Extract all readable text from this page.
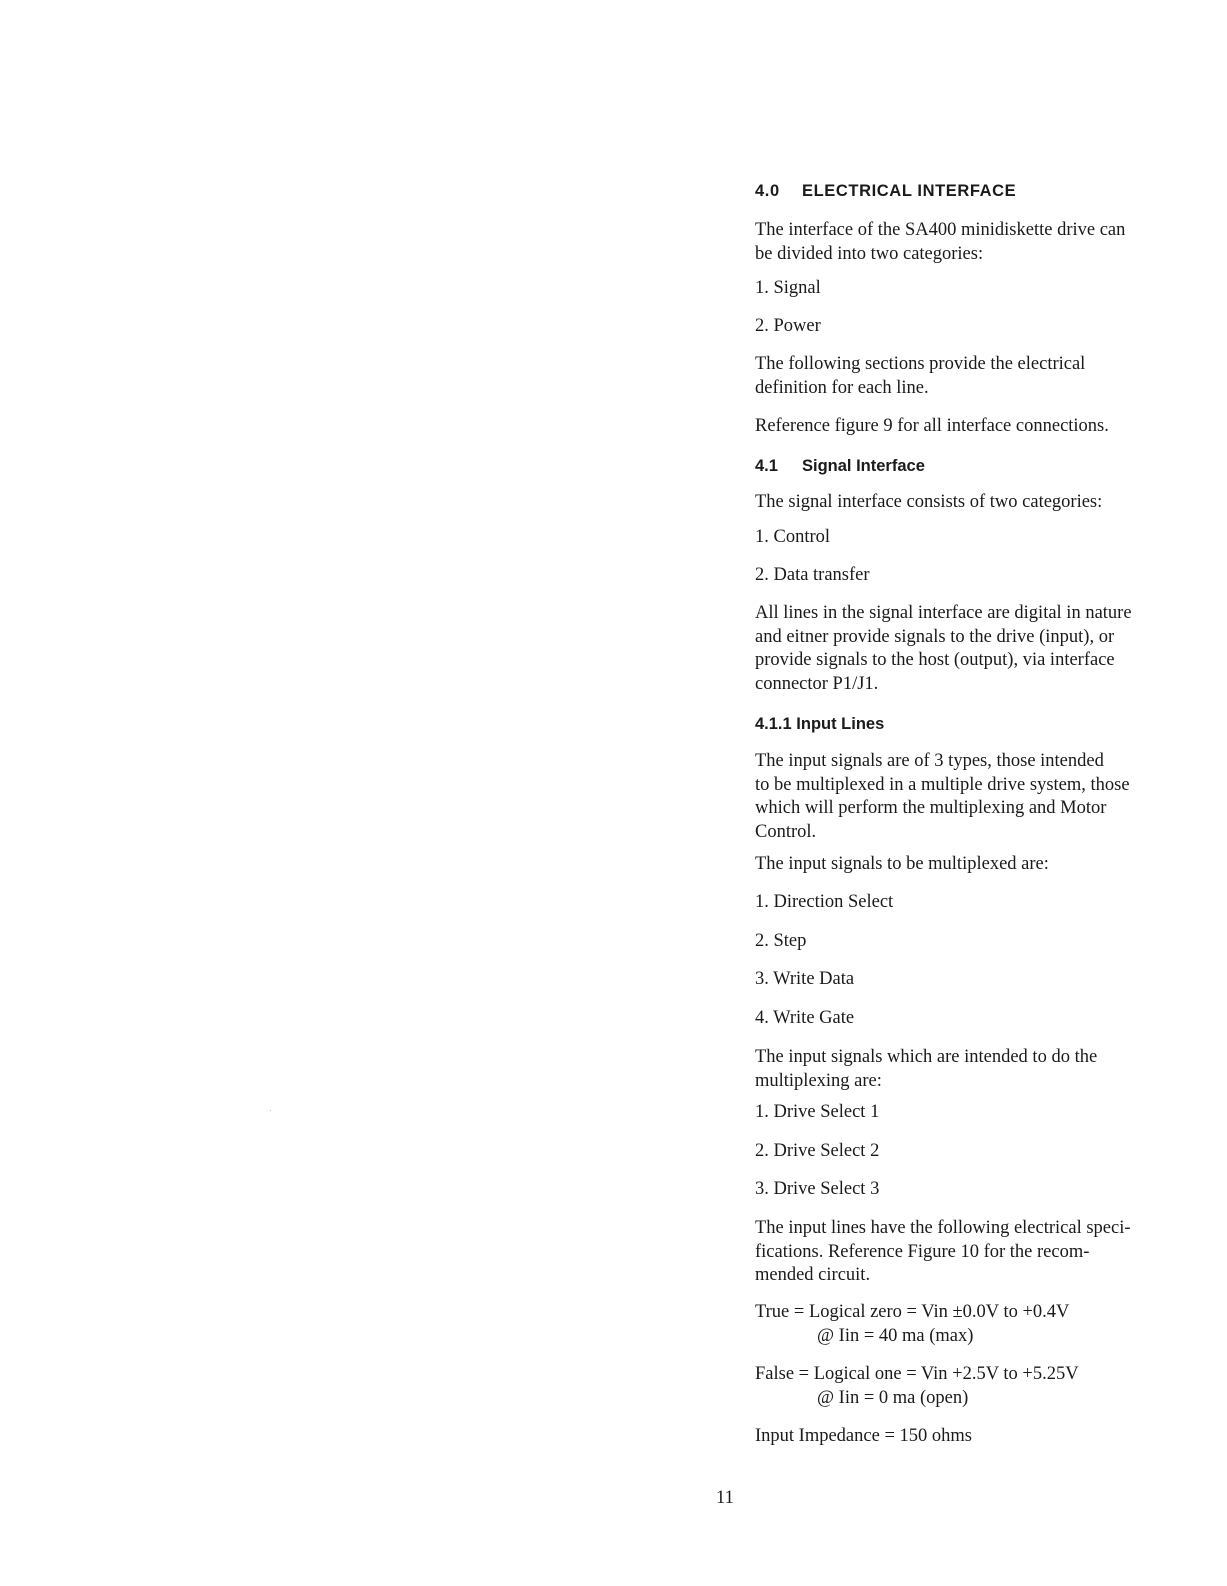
4.0 ELECTRICAL INTERFACE

The interface of the SA400 minidiskette drive can
be divided into two categories:

1. Signal

2. Power

The following sections provide the electrical
definition for each line.

Reference figure 9 for all interface connections.

4.1 Signal Interface

The signal interface consists of two categories:

1. Control

2. Data transfer

All lines in the signal interface are digital in nature
and eitner provide signals to the drive (input), or
provide signals to the host (output), via interface
connector P1/J1.

4.1.1 Input Lines

The input signals are of 3 types, those intended
to be multiplexed in a multiple drive system, those
which will perform the multiplexing and Motor
Control.

The input signals to be multiplexed are:

1. Direction Select

2. Step

3. Write Data

4. Write Gate

The input signals which are intended to do the
multiplexing are:

1. Drive Select 1

2. Drive Select 2

3. Drive Select 3

The input lines have the following electrical speci-
fications. Reference Figure 10 for the recom-
mended circuit.

True = Logical zero = Vin ±0.0V to +0.4V
@ Iin = 40 ma (max)

False = Logical one = Vin +2.5V to +5.25V
@ Iin = 0 ma (open)

Input Impedance = 150 ohms

11
